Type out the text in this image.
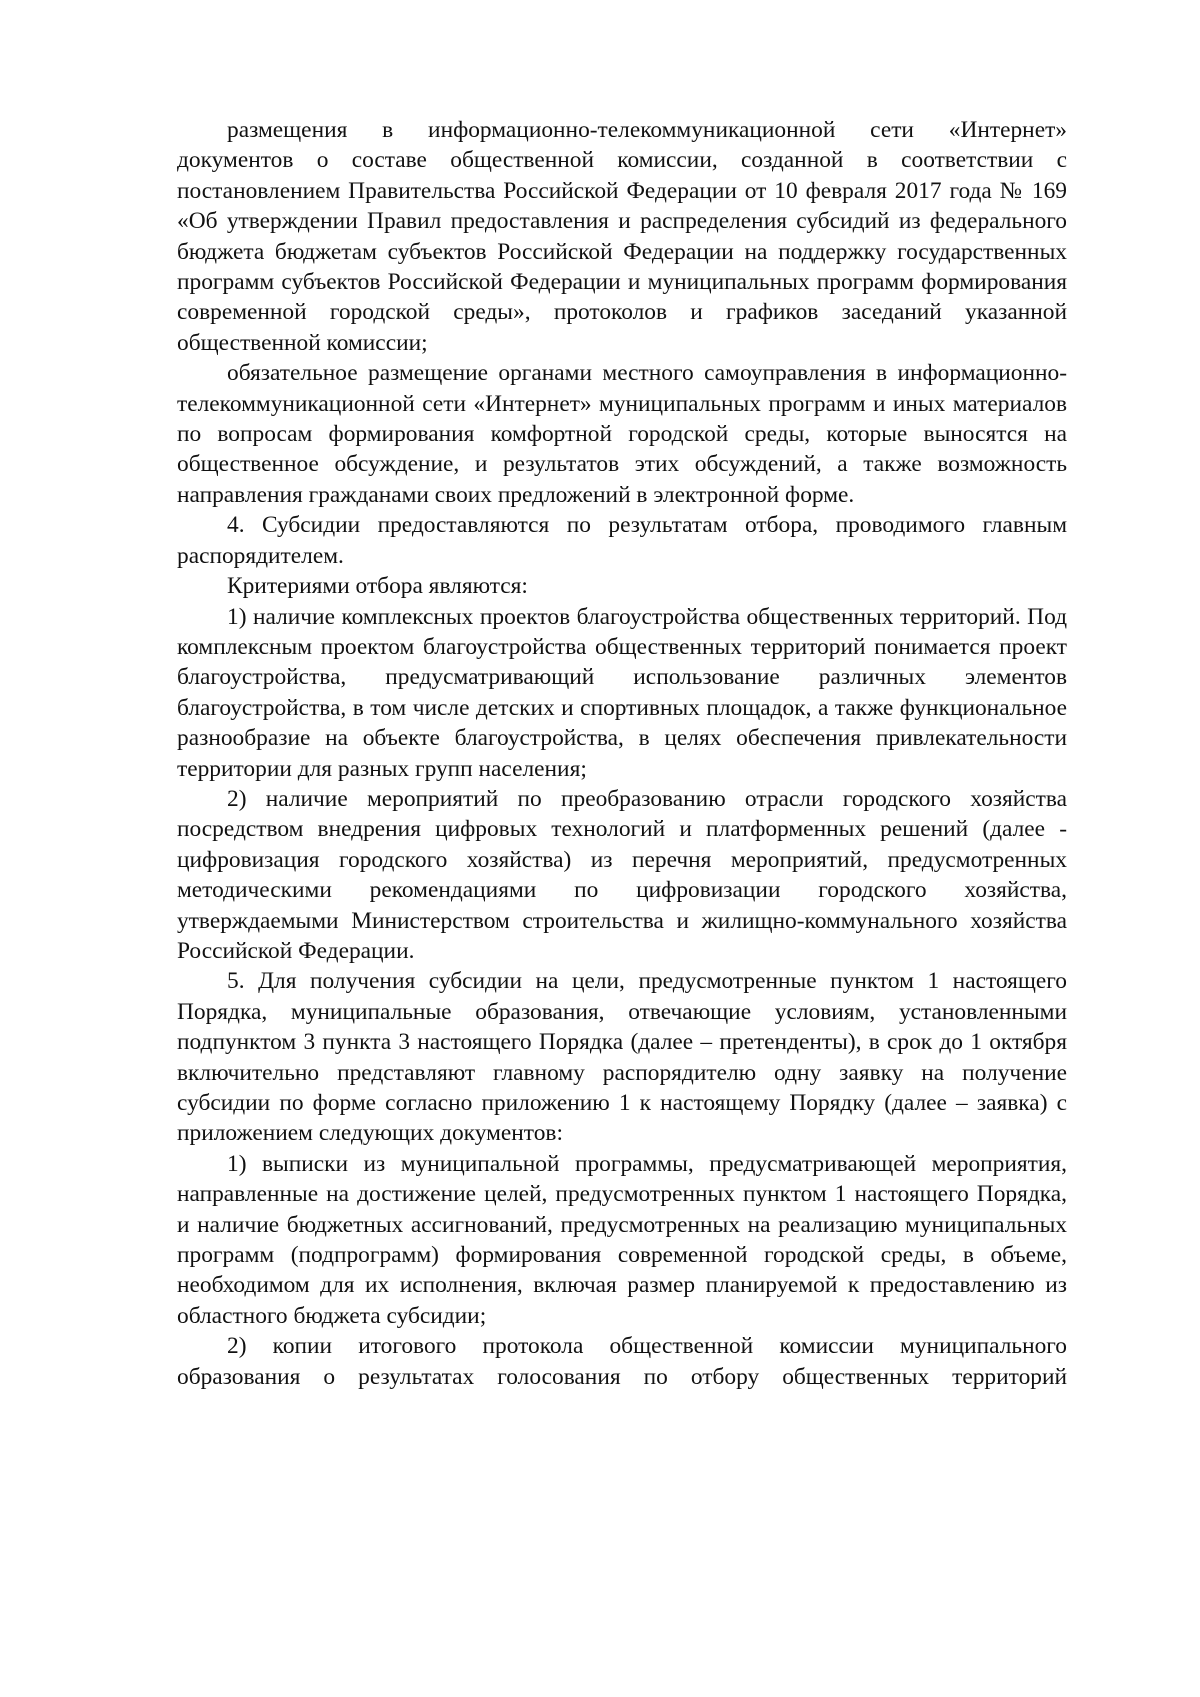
размещения в информационно-телекоммуникационной сети «Интернет» документов о составе общественной комиссии, созданной в соответствии с постановлением Правительства Российской Федерации от 10 февраля 2017 года № 169 «Об утверждении Правил предоставления и распределения субсидий из федерального бюджета бюджетам субъектов Российской Федерации на поддержку государственных программ субъектов Российской Федерации и муниципальных программ формирования современной городской среды», протоколов и графиков заседаний указанной общественной комиссии;

обязательное размещение органами местного самоуправления в информационно-телекоммуникационной сети «Интернет» муниципальных программ и иных материалов по вопросам формирования комфортной городской среды, которые выносятся на общественное обсуждение, и результатов этих обсуждений, а также возможность направления гражданами своих предложений в электронной форме.

4. Субсидии предоставляются по результатам отбора, проводимого главным распорядителем.

Критериями отбора являются:

1) наличие комплексных проектов благоустройства общественных территорий. Под комплексным проектом благоустройства общественных территорий понимается проект благоустройства, предусматривающий использование различных элементов благоустройства, в том числе детских и спортивных площадок, а также функциональное разнообразие на объекте благоустройства, в целях обеспечения привлекательности территории для разных групп населения;

2) наличие мероприятий по преобразованию отрасли городского хозяйства посредством внедрения цифровых технологий и платформенных решений (далее - цифровизация городского хозяйства) из перечня мероприятий, предусмотренных методическими рекомендациями по цифровизации городского хозяйства, утверждаемыми Министерством строительства и жилищно-коммунального хозяйства Российской Федерации.

5. Для получения субсидии на цели, предусмотренные пунктом 1 настоящего Порядка, муниципальные образования, отвечающие условиям, установленными подпунктом 3 пункта 3 настоящего Порядка (далее – претенденты), в срок до 1 октября включительно представляют главному распорядителю одну заявку на получение субсидии по форме согласно приложению 1 к настоящему Порядку (далее – заявка) с приложением следующих документов:

1) выписки из муниципальной программы, предусматривающей мероприятия, направленные на достижение целей, предусмотренных пунктом 1 настоящего Порядка, и наличие бюджетных ассигнований, предусмотренных на реализацию муниципальных программ (подпрограмм) формирования современной городской среды, в объеме, необходимом для их исполнения, включая размер планируемой к предоставлению из областного бюджета субсидии;

2) копии итогового протокола общественной комиссии муниципального образования о результатах голосования по отбору общественных территорий
